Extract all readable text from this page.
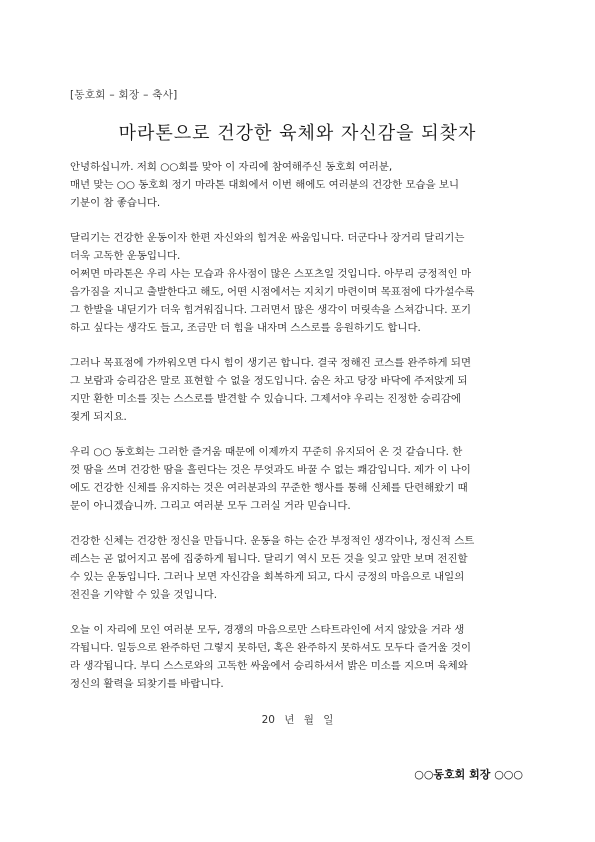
[동호회 – 회장 – 축사]
마라톤으로 건강한 육체와 자신감을 되찾자

안녕하십니까. 저희 ○○회를 맞아 이 자리에 참여해주신 동호회 여러분,
매년 맞는 ○○ 동호회 정기 마라톤 대회에서 이번 해에도 여러분의 건강한 모습을 보니
기분이 참 좋습니다.

달리기는 건강한 운동이자 한편 자신와의 힘겨운 싸움입니다. 더군다나 장거리 달리기는
더욱 고독한 운동입니다.
어쩌면 마라톤은 우리 사는 모습과 유사점이 많은 스포츠일 것입니다. 아무리 긍정적인 마
음가짐을 지니고 출발한다고 해도, 어떤 시점에서는 지치기 마련이며 목표점에 다가설수록
그 한발을 내딛기가 더욱 힘겨워집니다. 그러면서 많은 생각이 머릿속을 스쳐갑니다. 포기
하고 싶다는 생각도 들고, 조금만 더 힘을 내자며 스스로를 응원하기도 합니다.

그러나 목표점에 가까워오면 다시 힘이 생기곤 합니다. 결국 정해진 코스를 완주하게 되면
그 보람과 승리감은 말로 표현할 수 없을 정도입니다. 숨은 차고 당장 바닥에 주저앉게 되
지만 환한 미소를 짓는 스스로를 발견할 수 있습니다. 그제서야 우리는 진정한 승리감에
젖게 되지요.

우리 ○○ 동호회는 그러한 즐거움 때문에 이제까지 꾸준히 유지되어 온 것 같습니다. 한
껏 땀을 쓰며 건강한 땀을 흘린다는 것은 무엇과도 바꿀 수 없는 쾌감입니다. 제가 이 나이
에도 건강한 신체를 유지하는 것은 여러분과의 꾸준한 행사를 통해 신체를 단련해왔기 때
문이 아니겠습니까. 그리고 여러분 모두 그러실 거라 믿습니다.

건강한 신체는 건강한 정신을 만듭니다. 운동을 하는 순간 부정적인 생각이나, 정신적 스트
레스는 곧 없어지고 몸에 집중하게 됩니다. 달리기 역시 모든 것을 잊고 앞만 보며 전진할
수 있는 운동입니다. 그러나 보면 자신감을 회복하게 되고, 다시 긍정의 마음으로 내일의
전진을 기약할 수 있을 것입니다.

오늘 이 자리에 모인 여러분 모두, 경쟁의 마음으로만 스타트라인에 서지 않았을 거라 생
각됩니다. 일등으로 완주하던 그렇지 못하던, 혹은 완주하지 못하셔도 모두다 즐거울 것이
라 생각됩니다. 부디 스스로와의 고독한 싸움에서 승리하셔서 밝은 미소를 지으며 육체와
정신의 활력을 되찾기를 바랍니다.

20 년 월 일
○○동호회 회장 ○○○
